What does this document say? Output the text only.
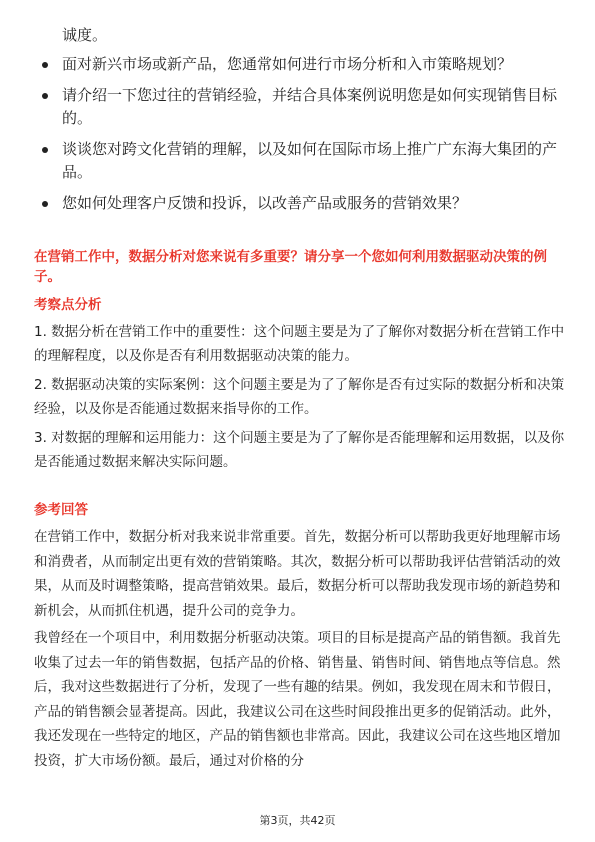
诚度。
面对新兴市场或新产品，您通常如何进行市场分析和入市策略规划？
请介绍一下您过往的营销经验，并结合具体案例说明您是如何实现销售目标的。
谈谈您对跨文化营销的理解，以及如何在国际市场上推广广东海大集团的产品。
您如何处理客户反馈和投诉，以改善产品或服务的营销效果？
在营销工作中，数据分析对您来说有多重要？请分享一个您如何利用数据驱动决策的例子。
考察点分析

1. 数据分析在营销工作中的重要性：这个问题主要是为了了解你对数据分析在营销工作中的理解程度，以及你是否有利用数据驱动决策的能力。

2. 数据驱动决策的实际案例：这个问题主要是为了了解你是否有过实际的数据分析和决策经验，以及你是否能通过数据来指导你的工作。

3. 对数据的理解和运用能力：这个问题主要是为了了解你是否能理解和运用数据，以及你是否能通过数据来解决实际问题。

参考回答

在营销工作中，数据分析对我来说非常重要。首先，数据分析可以帮助我更好地理解市场和消费者，从而制定出更有效的营销策略。其次，数据分析可以帮助我评估营销活动的效果，从而及时调整策略，提高营销效果。最后，数据分析可以帮助我发现市场的新趋势和新机会，从而抓住机遇，提升公司的竞争力。

我曾经在一个项目中，利用数据分析驱动决策。项目的目标是提高产品的销售额。我首先收集了过去一年的销售数据，包括产品的价格、销售量、销售时间、销售地点等信息。然后，我对这些数据进行了分析，发现了一些有趣的结果。例如，我发现在周末和节假日，产品的销售额会显著提高。因此，我建议公司在这些时间段推出更多的促销活动。此外，我还发现在一些特定的地区，产品的销售额也非常高。因此，我建议公司在这些地区增加投资，扩大市场份额。最后，通过对价格的分

第3页，共42页
